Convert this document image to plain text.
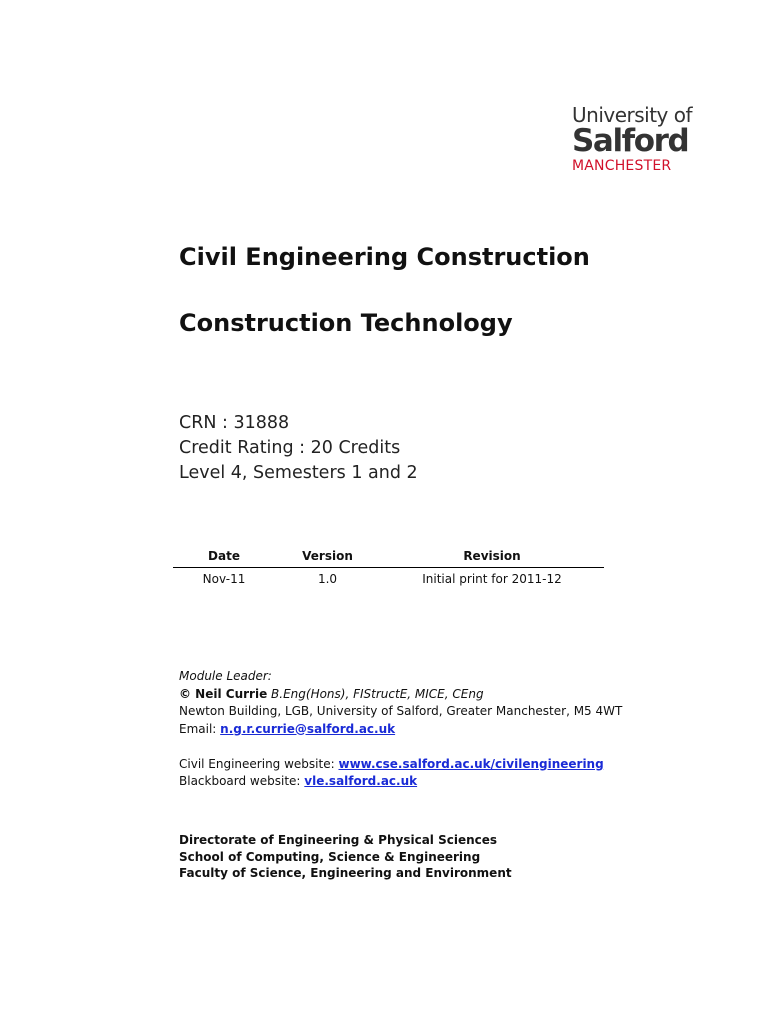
University of
Salford
MANCHESTER
Civil Engineering Construction
Construction Technology
CRN : 31888
Credit Rating : 20 Credits
Level 4, Semesters 1 and 2
Date	Version	Revision
Nov-11	1.0	Initial print for 2011-12
Module Leader:
© Neil Currie B.Eng(Hons), FIStructE, MICE, CEng
Newton Building, LGB, University of Salford, Greater Manchester, M5 4WT
Email: n.g.r.currie@salford.ac.uk
Civil Engineering website: www.cse.salford.ac.uk/civilengineering
Blackboard website: vle.salford.ac.uk
Directorate of Engineering & Physical Sciences
School of Computing, Science & Engineering
Faculty of Science, Engineering and Environment
